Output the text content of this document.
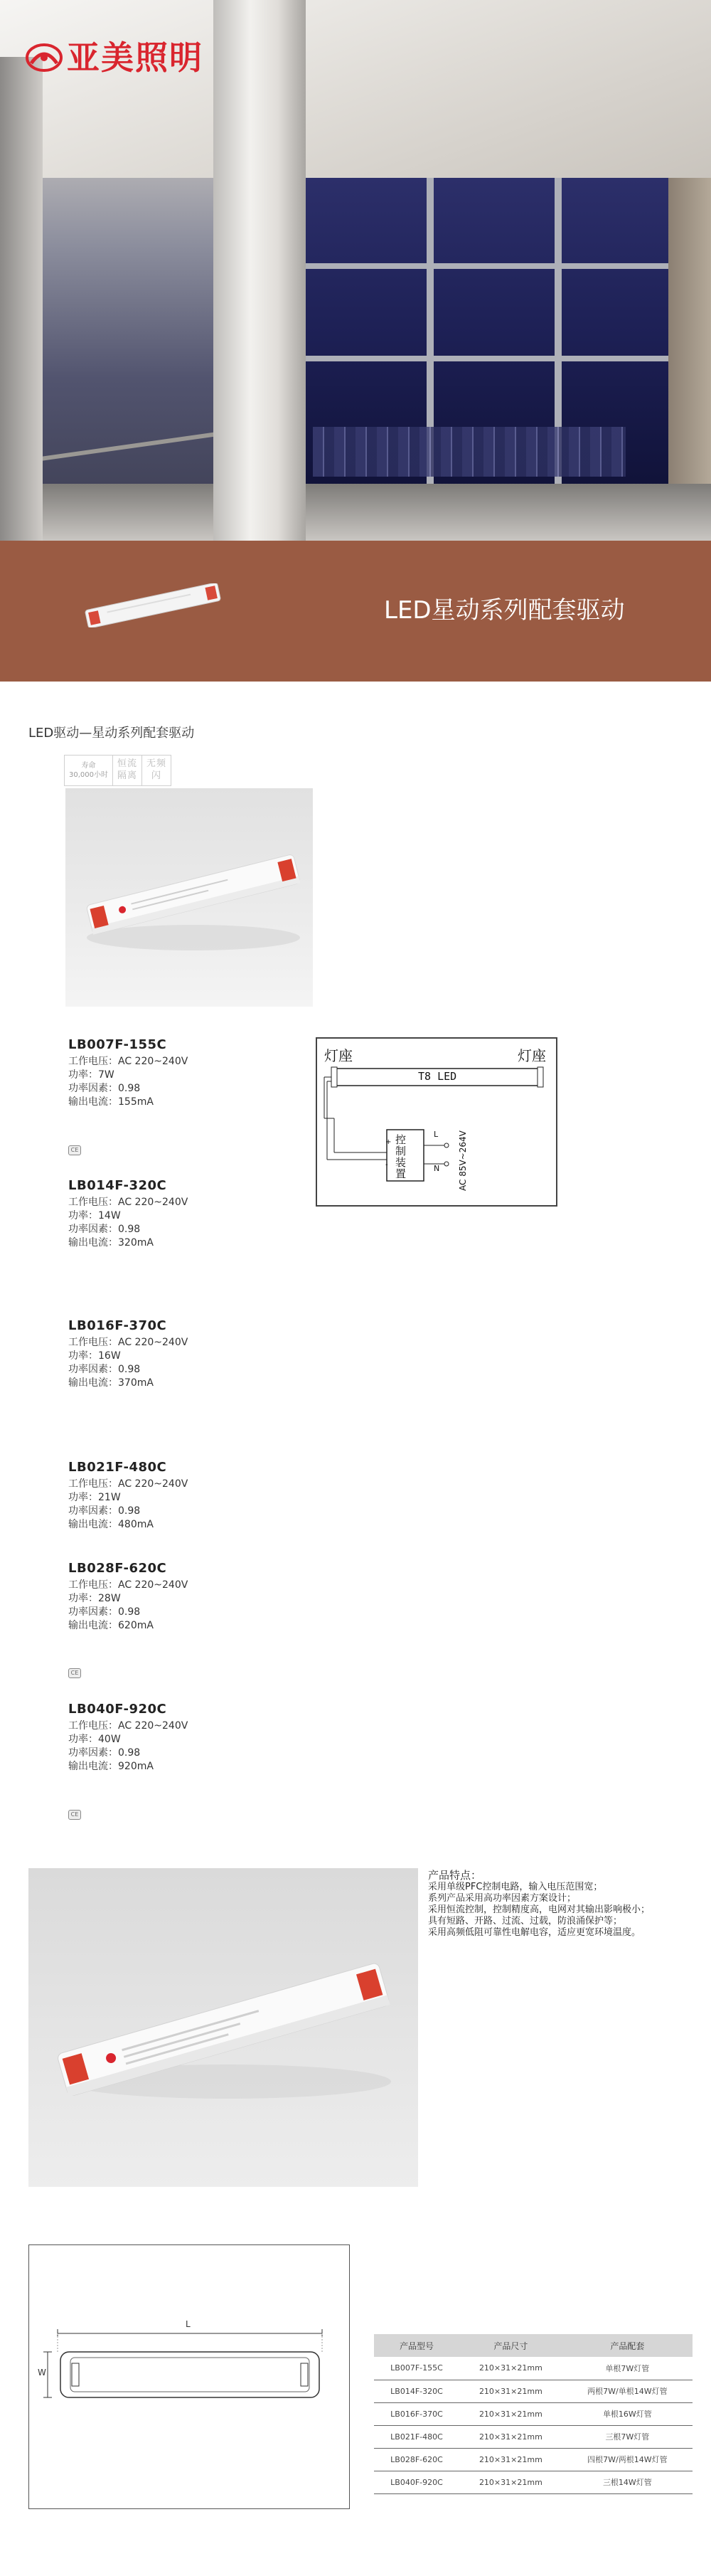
亚美照明
LED星动系列配套驱动
LED驱动—星动系列配套驱动
寿命
30,000小时
恒流
隔离
无频
闪
LB007F-155C
工作电压：AC 220~240V
功率：7W
功率因素：0.98
输出电流：155mA
CE
LB014F-320C
工作电压：AC 220~240V
功率：14W
功率因素：0.98
输出电流：320mA
LB016F-370C
工作电压：AC 220~240V
功率：16W
功率因素：0.98
输出电流：370mA
LB021F-480C
工作电压：AC 220~240V
功率：21W
功率因素：0.98
输出电流：480mA
LB028F-620C
工作电压：AC 220~240V
功率：28W
功率因素：0.98
输出电流：620mA
CE
LB040F-920C
工作电压：AC 220~240V
功率：40W
功率因素：0.98
输出电流：920mA
CE
灯座	灯座
T8 LED
控制装置
+
-
L
N AC 85V~264V
产品特点：
采用单级PFC控制电路，输入电压范围宽；
系列产品采用高功率因素方案设计；
采用恒流控制，控制精度高，电网对其输出影响极小；
具有短路、开路、过流、过载，防浪涌保护等；
采用高频低阻可靠性电解电容，适应更宽环境温度。
L
W
产品型号	产品尺寸	产品配套
LB007F-155C	210×31×21mm	单根7W灯管
LB014F-320C	210×31×21mm	两根7W/单根14W灯管
LB016F-370C	210×31×21mm	单根16W灯管
LB021F-480C	210×31×21mm	三根7W灯管
LB028F-620C	210×31×21mm	四根7W/两根14W灯管
LB040F-920C	210×31×21mm	三根14W灯管
